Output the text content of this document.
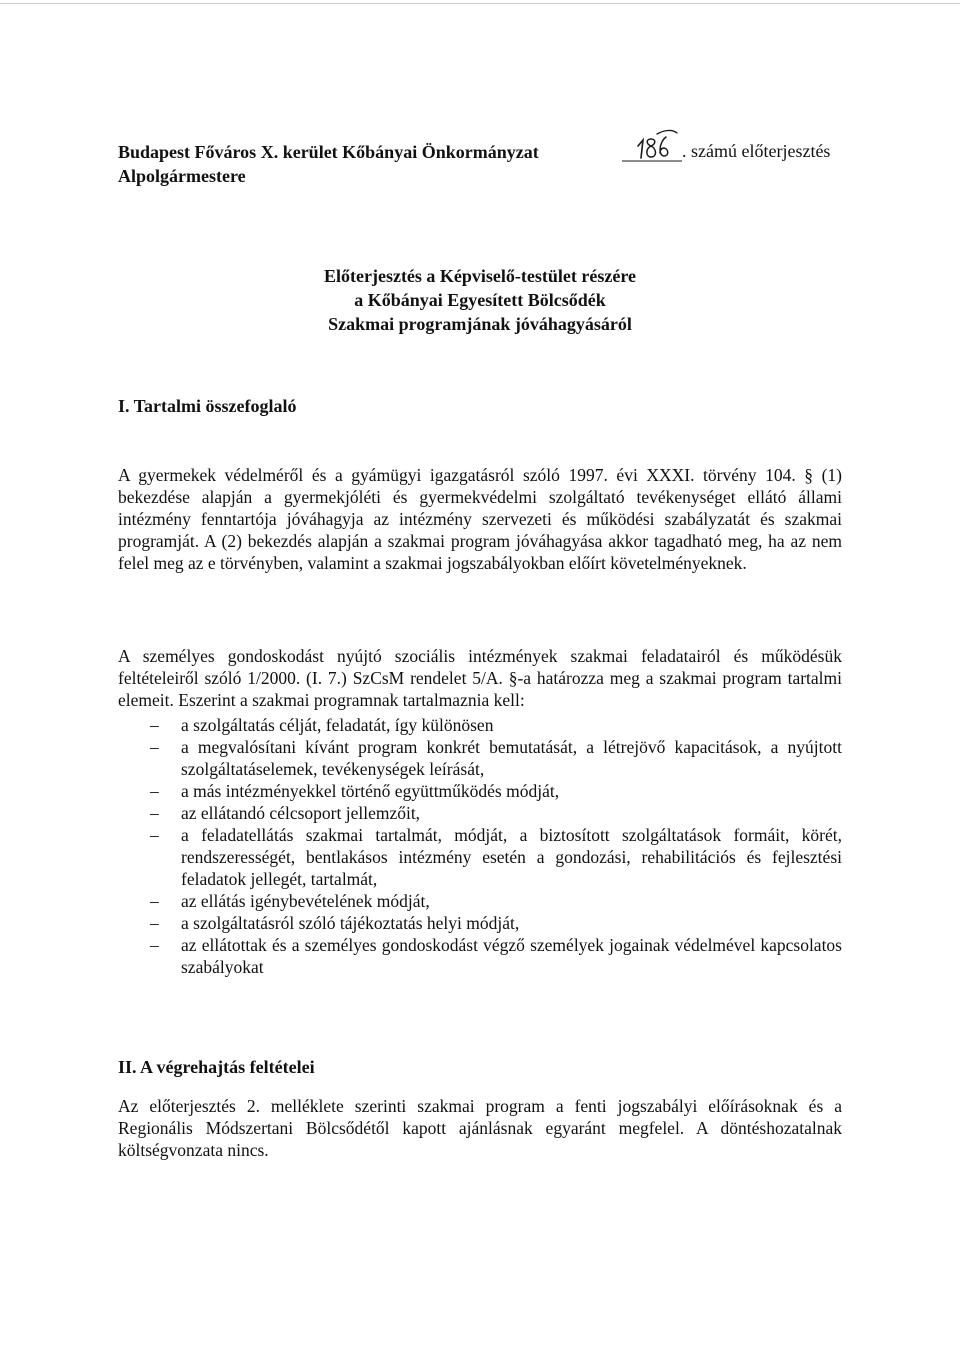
Budapest Főváros X. kerület Kőbányai Önkormányzat
Alpolgármestere
. számú előterjesztés
Előterjesztés a Képviselő-testület részére
a Kőbányai Egyesített Bölcsődék
Szakmai programjának jóváhagyásáról
I. Tartalmi összefoglaló

A gyermekek védelméről és a gyámügyi igazgatásról szóló 1997. évi XXXI. törvény 104. § (1) bekezdése alapján a gyermekjóléti és gyermekvédelmi szolgáltató tevékenységet ellátó állami intézmény fenntartója jóváhagyja az intézmény szervezeti és működési szabályzatát és szakmai programját. A (2) bekezdés alapján a szakmai program jóváhagyása akkor tagadható meg, ha az nem felel meg az e törvényben, valamint a szakmai jogszabályokban előírt követelményeknek.

A személyes gondoskodást nyújtó szociális intézmények szakmai feladatairól és működésük feltételeiről szóló 1/2000. (I. 7.) SzCsM rendelet 5/A. §-a határozza meg a szakmai program tartalmi elemeit. Eszerint a szakmai programnak tartalmaznia kell:

– a szolgáltatás célját, feladatát, így különösen
– a megvalósítani kívánt program konkrét bemutatását, a létrejövő kapacitások, a nyújtott szolgáltatáselemek, tevékenységek leírását,
– a más intézményekkel történő együttműködés módját,
– az ellátandó célcsoport jellemzőit,
– a feladatellátás szakmai tartalmát, módját, a biztosított szolgáltatások formáit, körét, rendszerességét, bentlakásos intézmény esetén a gondozási, rehabilitációs és fejlesztési feladatok jellegét, tartalmát,
– az ellátás igénybevételének módját,
– a szolgáltatásról szóló tájékoztatás helyi módját,
– az ellátottak és a személyes gondoskodást végző személyek jogainak védelmével kapcsolatos szabályokat
II. A végrehajtás feltételei

Az előterjesztés 2. melléklete szerinti szakmai program a fenti jogszabályi előírásoknak és a Regionális Módszertani Bölcsődétől kapott ajánlásnak egyaránt megfelel. A döntéshozatalnak költségvonzata nincs.
